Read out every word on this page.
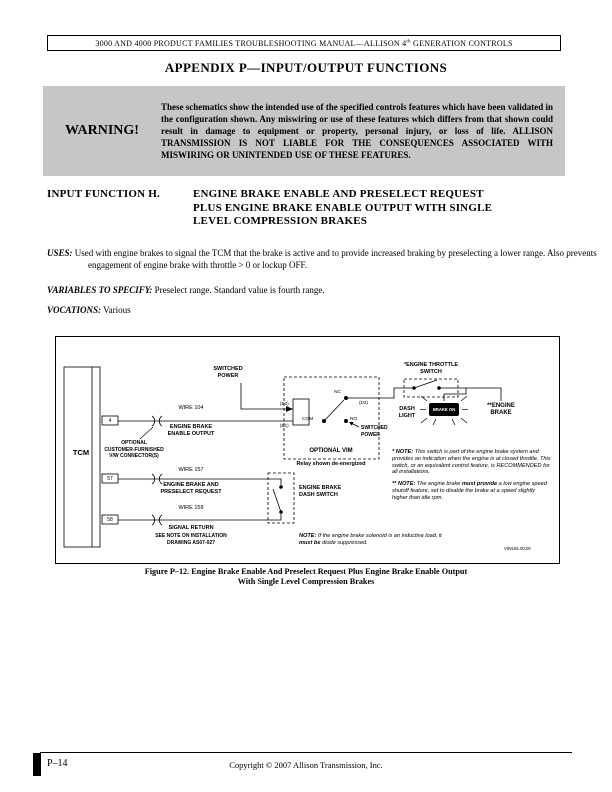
3000 AND 4000 PRODUCT FAMILIES TROUBLESHOOTING MANUAL—ALLISON 4th GENERATION CONTROLS
APPENDIX P—INPUT/OUTPUT FUNCTIONS
WARNING!
These schematics show the intended use of the specified controls features which have been validated in the configuration shown. Any miswiring or use of these features which differs from that shown could result in damage to equipment or property, personal injury, or loss of life. ALLISON TRANSMISSION IS NOT LIABLE FOR THE CONSEQUENCES ASSOCIATED WITH MISWIRING OR UNINTENDED USE OF THESE FEATURES.
INPUT FUNCTION H.	ENGINE BRAKE ENABLE AND PRESELECT REQUEST
PLUS ENGINE BRAKE ENABLE OUTPUT WITH SINGLE
LEVEL COMPRESSION BRAKES
USES: Used with engine brakes to signal the TCM that the brake is active and to provide increased braking by preselecting a lower range. Also prevents engagement of engine brake with throttle > 0 or lockup OFF.
VARIABLES TO SPECIFY: Preselect range. Standard value is fourth range.
VOCATIONS: Various
TCM
4
57
58
SWITCHED
POWER
WIRE 104
ENGINE BRAKE
ENABLE OUTPUT
OPTIONAL
CUSTOMER-FURNISHED
V/W CONNECTOR(S)
(E2)
(B1)
(D2)
NC
COM	NO
SWITCHED
POWER
OPTIONAL VIM
Relay shown de-energized
*ENGINE THROTTLE
SWITCH
DASH
LIGHT
BRAKE ON
**ENGINE
BRAKE
WIRE 157
ENGINE BRAKE AND
PRESELECT REQUEST
ENGINE BRAKE
DASH SWITCH
WIRE 158
SIGNAL RETURN
SEE NOTE ON INSTALLATION
DRAWING AS07-027
* NOTE: This switch is part of the engine brake system and provides an indication when the engine is at closed throttle. This switch, or an equivalent control feature, is RECOMMENDED for all installations.
** NOTE: The engine brake must provide a low engine speed shutoff feature, set to disable the brake at a speed slightly higher than idle rpm.
NOTE: If the engine brake solenoid is an inductive load, it must be diode suppressed.
V09165.00.00
Figure P–12. Engine Brake Enable And Preselect Request Plus Engine Brake Enable Output
With Single Level Compression Brakes
P–14	Copyright © 2007 Allison Transmission, Inc.
